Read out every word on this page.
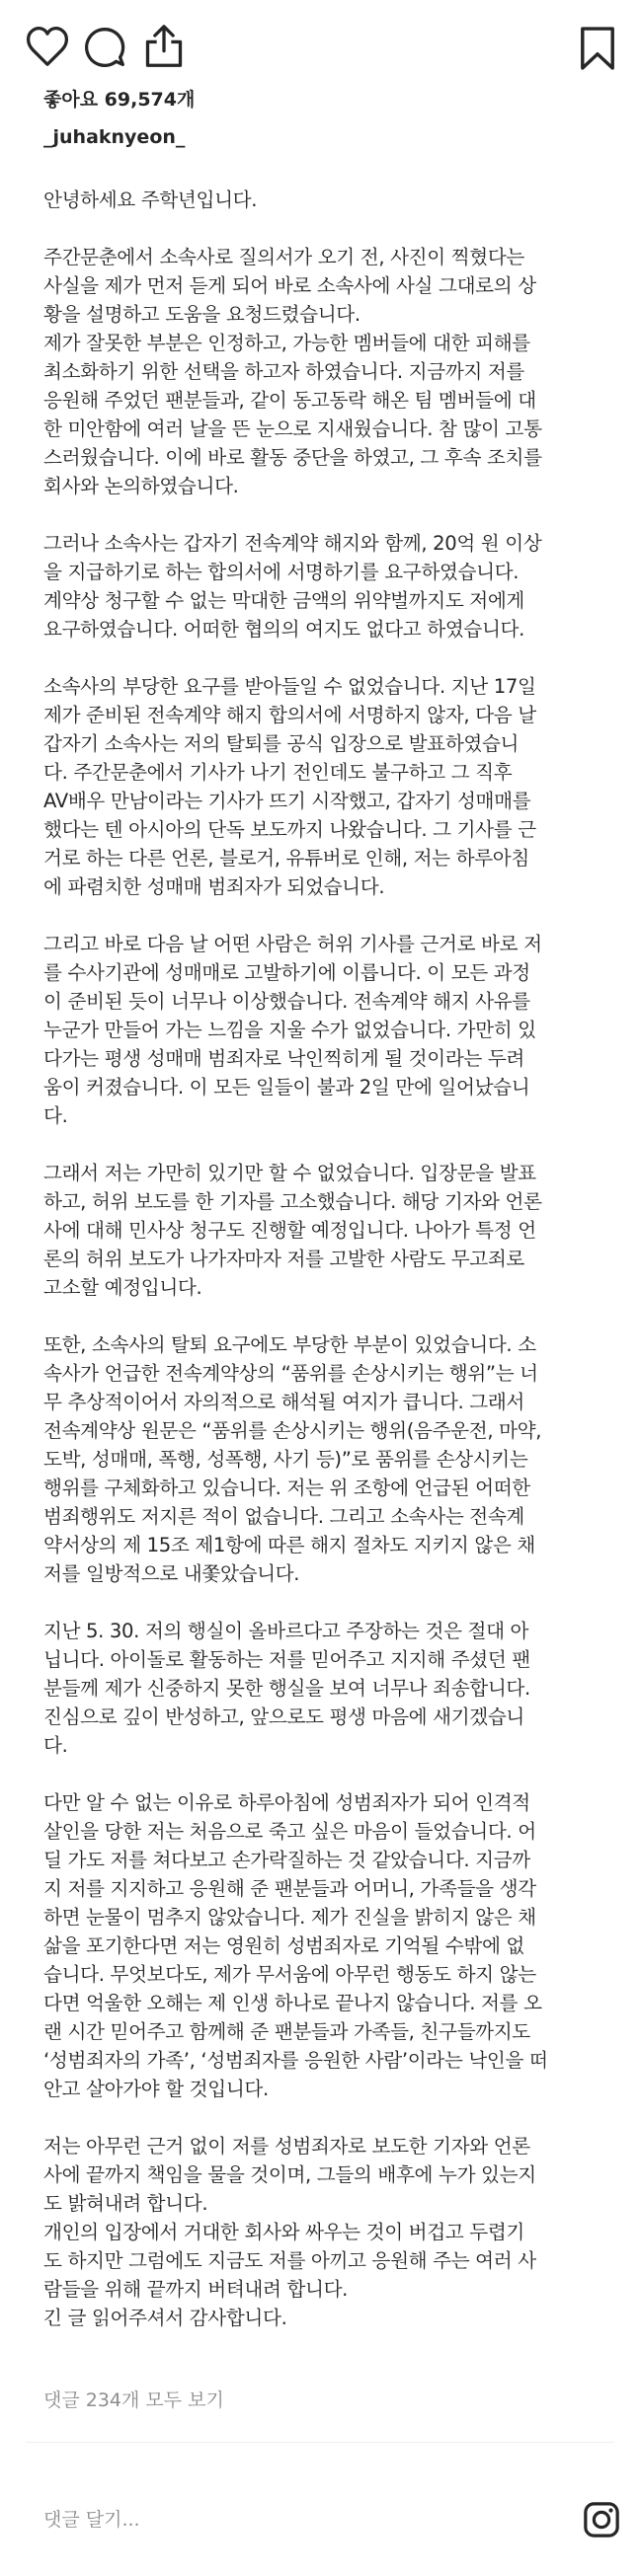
좋아요 69,574개
_juhaknyeon_

안녕하세요 주학년입니다.

주간문춘에서 소속사로 질의서가 오기 전, 사진이 찍혔다는
사실을 제가 먼저 듣게 되어 바로 소속사에 사실 그대로의 상
황을 설명하고 도움을 요청드렸습니다.
제가 잘못한 부분은 인정하고, 가능한 멤버들에 대한 피해를
최소화하기 위한 선택을 하고자 하였습니다. 지금까지 저를
응원해 주었던 팬분들과, 같이 동고동락 해온 팀 멤버들에 대
한 미안함에 여러 날을 뜬 눈으로 지새웠습니다. 참 많이 고통
스러웠습니다. 이에 바로 활동 중단을 하였고, 그 후속 조치를
회사와 논의하였습니다.

그러나 소속사는 갑자기 전속계약 해지와 함께, 20억 원 이상
을 지급하기로 하는 합의서에 서명하기를 요구하였습니다.
계약상 청구할 수 없는 막대한 금액의 위약벌까지도 저에게
요구하였습니다. 어떠한 협의의 여지도 없다고 하였습니다.

소속사의 부당한 요구를 받아들일 수 없었습니다. 지난 17일
제가 준비된 전속계약 해지 합의서에 서명하지 않자, 다음 날
갑자기 소속사는 저의 탈퇴를 공식 입장으로 발표하였습니
다. 주간문춘에서 기사가 나기 전인데도 불구하고 그 직후
AV배우 만남이라는 기사가 뜨기 시작했고, 갑자기 성매매를
했다는 텐 아시아의 단독 보도까지 나왔습니다. 그 기사를 근
거로 하는 다른 언론, 블로거, 유튜버로 인해, 저는 하루아침
에 파렴치한 성매매 범죄자가 되었습니다.

그리고 바로 다음 날 어떤 사람은 허위 기사를 근거로 바로 저
를 수사기관에 성매매로 고발하기에 이릅니다. 이 모든 과정
이 준비된 듯이 너무나 이상했습니다. 전속계약 해지 사유를
누군가 만들어 가는 느낌을 지울 수가 없었습니다. 가만히 있
다가는 평생 성매매 범죄자로 낙인찍히게 될 것이라는 두려
움이 커졌습니다. 이 모든 일들이 불과 2일 만에 일어났습니
다.

그래서 저는 가만히 있기만 할 수 없었습니다. 입장문을 발표
하고, 허위 보도를 한 기자를 고소했습니다. 해당 기자와 언론
사에 대해 민사상 청구도 진행할 예정입니다. 나아가 특정 언
론의 허위 보도가 나가자마자 저를 고발한 사람도 무고죄로
고소할 예정입니다.

또한, 소속사의 탈퇴 요구에도 부당한 부분이 있었습니다. 소
속사가 언급한 전속계약상의 “품위를 손상시키는 행위”는 너
무 추상적이어서 자의적으로 해석될 여지가 큽니다. 그래서
전속계약상 원문은 “품위를 손상시키는 행위(음주운전, 마약,
도박, 성매매, 폭행, 성폭행, 사기 등)”로 품위를 손상시키는
행위를 구체화하고 있습니다. 저는 위 조항에 언급된 어떠한
범죄행위도 저지른 적이 없습니다. 그리고 소속사는 전속계
약서상의 제 15조 제1항에 따른 해지 절차도 지키지 않은 채
저를 일방적으로 내쫓았습니다.

지난 5. 30. 저의 행실이 올바르다고 주장하는 것은 절대 아
닙니다. 아이돌로 활동하는 저를 믿어주고 지지해 주셨던 팬
분들께 제가 신중하지 못한 행실을 보여 너무나 죄송합니다.
진심으로 깊이 반성하고, 앞으로도 평생 마음에 새기겠습니
다.

다만 알 수 없는 이유로 하루아침에 성범죄자가 되어 인격적
살인을 당한 저는 처음으로 죽고 싶은 마음이 들었습니다. 어
딜 가도 저를 쳐다보고 손가락질하는 것 같았습니다. 지금까
지 저를 지지하고 응원해 준 팬분들과 어머니, 가족들을 생각
하면 눈물이 멈추지 않았습니다. 제가 진실을 밝히지 않은 채
삶을 포기한다면 저는 영원히 성범죄자로 기억될 수밖에 없
습니다. 무엇보다도, 제가 무서움에 아무런 행동도 하지 않는
다면 억울한 오해는 제 인생 하나로 끝나지 않습니다. 저를 오
랜 시간 믿어주고 함께해 준 팬분들과 가족들, 친구들까지도
‘성범죄자의 가족’, ‘성범죄자를 응원한 사람’이라는 낙인을 떠
안고 살아가야 할 것입니다.

저는 아무런 근거 없이 저를 성범죄자로 보도한 기자와 언론
사에 끝까지 책임을 물을 것이며, 그들의 배후에 누가 있는지
도 밝혀내려 합니다.
개인의 입장에서 거대한 회사와 싸우는 것이 버겁고 두렵기
도 하지만 그럼에도 지금도 저를 아끼고 응원해 주는 여러 사
람들을 위해 끝까지 버텨내려 합니다.
긴 글 읽어주셔서 감사합니다.

댓글 234개 모두 보기
댓글 달기...
